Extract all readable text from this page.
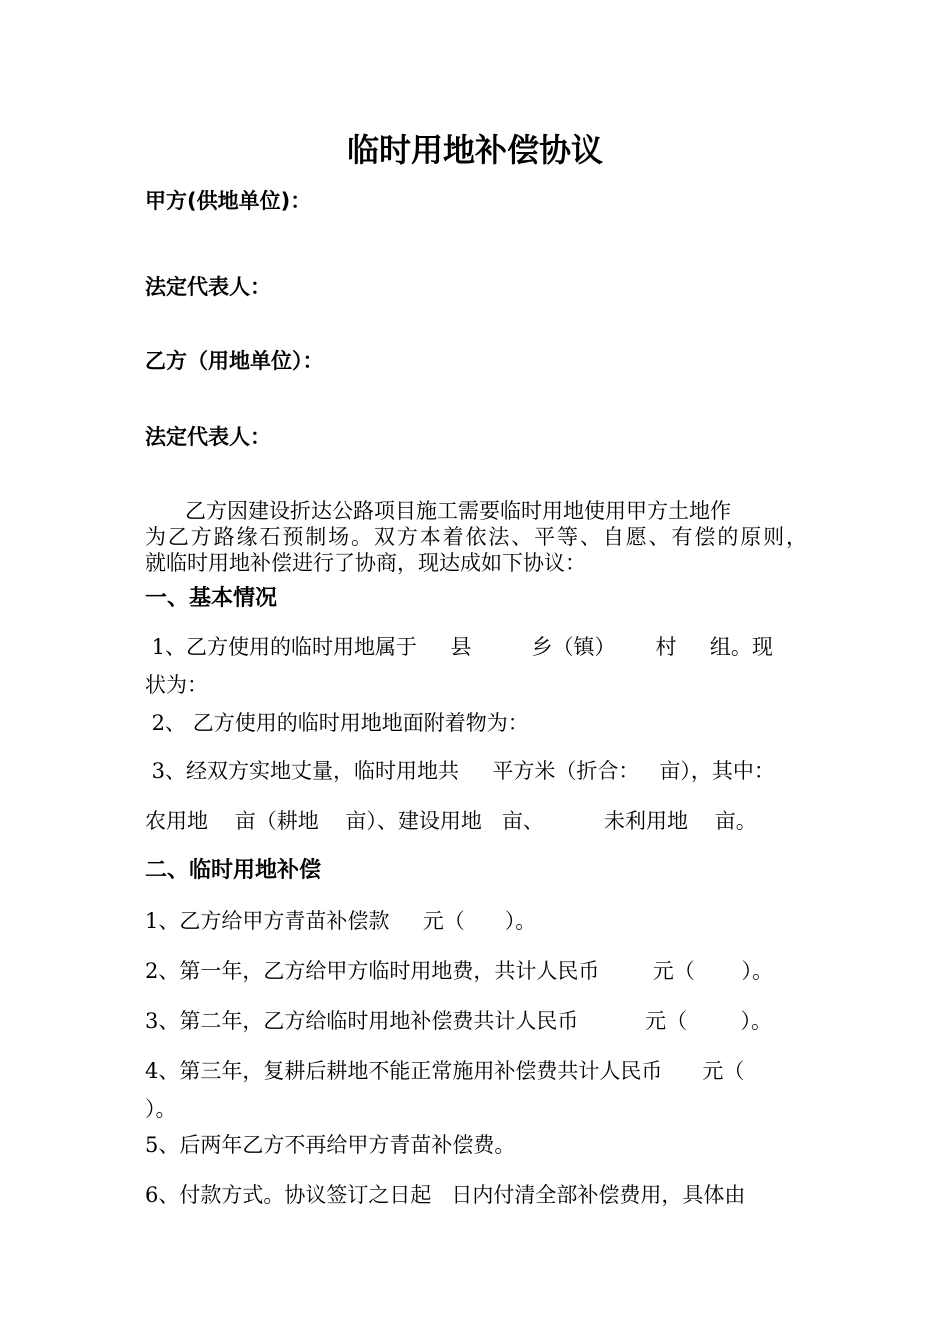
临时用地补偿协议
甲方(供地单位)：
法定代表人：
乙方（用地单位）：
法定代表人：
乙方因建设折达公路项目施工需要临时用地使用甲方土地作
为乙方路缘石预制场。双方本着依法、平等、自愿、有偿的原则，
就临时用地补偿进行了协商，现达成如下协议：
一、基本情况
1、乙方使用的临时用地属于     县         乡（镇）      村     组。现
状为：
2、 乙方使用的临时用地地面附着物为：
3、经双方实地丈量，临时用地共     平方米（折合：   亩），其中：
农用地    亩（耕地    亩）、建设用地   亩、         未利用地    亩。
二、临时用地补偿
1、乙方给甲方青苗补偿款     元（      ）。
2、第一年，乙方给甲方临时用地费，共计人民币        元（       ）。
3、第二年，乙方给临时用地补偿费共计人民币          元（        ）。
4、第三年，复耕后耕地不能正常施用补偿费共计人民币      元（
）。
5、后两年乙方不再给甲方青苗补偿费。
6、付款方式。协议签订之日起   日内付清全部补偿费用，具体由
